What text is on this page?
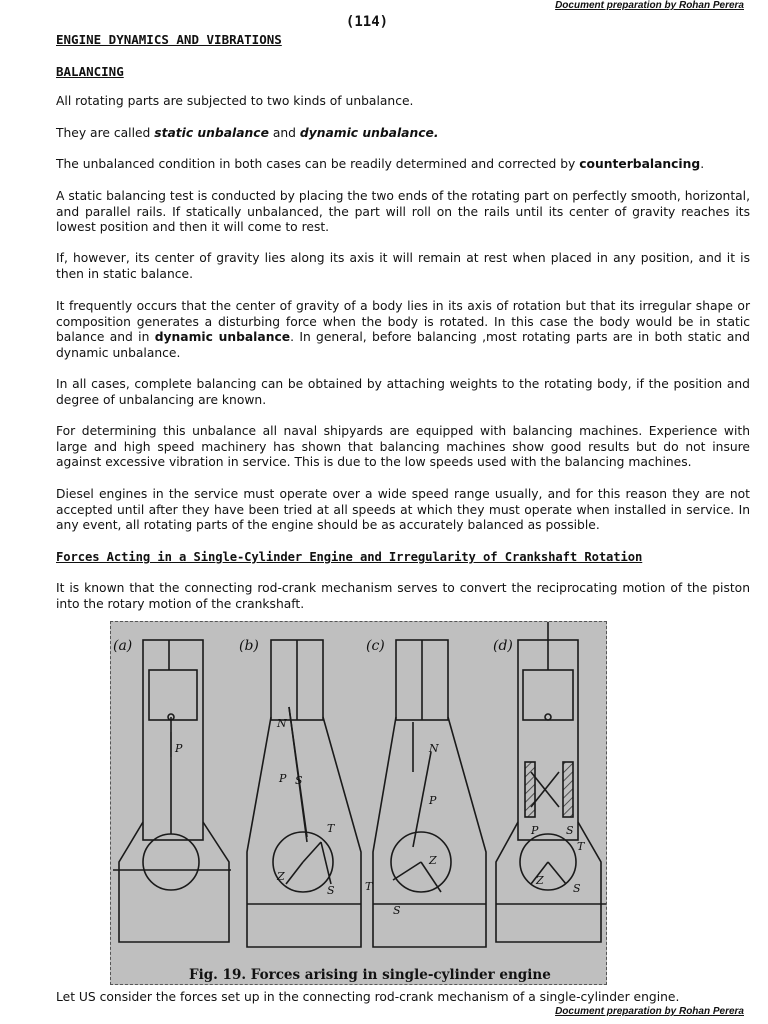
Document preparation by Rohan Perera
(114)
ENGINE DYNAMICS AND VIBRATIONS
BALANCING

All rotating parts are subjected to two kinds of unbalance.

They are called static unbalance and dynamic unbalance.

The unbalanced condition in both cases can be readily determined and corrected by counterbalancing.

A static balancing test is conducted by placing the two ends of the rotating part on perfectly smooth, horizontal, and parallel rails. If statically unbalanced, the part will roll on the rails until its center of gravity reaches its lowest position and then it will come to rest.

If, however, its center of gravity lies along its axis it will remain at rest when placed in any position, and it is then in static balance.

It frequently occurs that the center of gravity of a body lies in its axis of rotation but that its irregular shape or composition generates a disturbing force when the body is rotated. In this case the body would be in static balance and in dynamic unbalance. In general, before balancing ,most rotating parts are in both static and dynamic unbalance.

In all cases, complete balancing can be obtained by attaching weights to the rotating body, if the position and degree of unbalancing are known.

For determining this unbalance all naval shipyards are equipped with balancing machines. Experience with large and high speed machinery has shown that balancing machines show good results but do not insure against excessive vibration in service. This is due to the low speeds used with the balancing machines.

Diesel engines in the service must operate over a wide speed range usually, and for this reason they are not accepted until after they have been tried at all speeds at which they must operate when installed in service. In any event, all rotating parts of the engine should be as accurately balanced as possible.

Forces Acting in a Single-Cylinder Engine and Irregularity of Crankshaft Rotation

It is known that the connecting rod-crank mechanism serves to convert the reciprocating motion of the piston into the rotary motion of the crankshaft.

(a)
P
(b)
N
P S
T
Z
S
(c)
N
P
Z
T
S
(d)
P	S
T
Z
S
Fig. 19. Forces arising in single-cylinder engine

Let US consider the forces set up in the connecting rod-crank mechanism of a single-cylinder engine.

Document preparation by Rohan Perera
